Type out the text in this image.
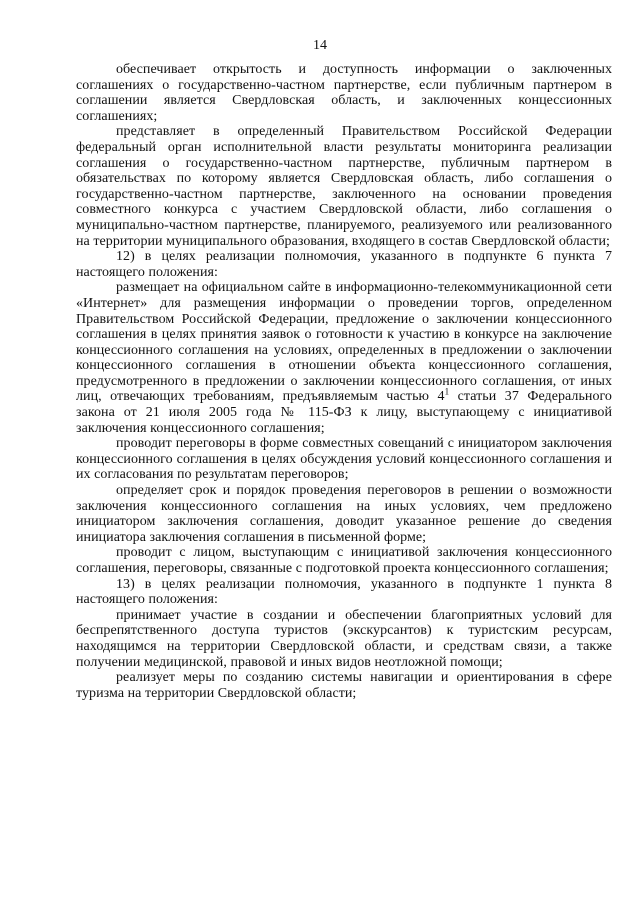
14

обеспечивает открытость и доступность информации о заключенных соглашениях о государственно-частном партнерстве, если публичным партнером в соглашении является Свердловская область, и заключенных концессионных соглашениях;

представляет в определенный Правительством Российской Федерации федеральный орган исполнительной власти результаты мониторинга реализации соглашения о государственно-частном партнерстве, публичным партнером в обязательствах по которому является Свердловская область, либо соглашения о государственно-частном партнерстве, заключенного на основании проведения совместного конкурса с участием Свердловской области, либо соглашения о муниципально-частном партнерстве, планируемого, реализуемого или реализованного на территории муниципального образования, входящего в состав Свердловской области;

12) в целях реализации полномочия, указанного в подпункте 6 пункта 7 настоящего положения:

размещает на официальном сайте в информационно-телекоммуникационной сети «Интернет» для размещения информации о проведении торгов, определенном Правительством Российской Федерации, предложение о заключении концессионного соглашения в целях принятия заявок о готовности к участию в конкурсе на заключение концессионного соглашения на условиях, определенных в предложении о заключении концессионного соглашения в отношении объекта концессионного соглашения, предусмотренного в предложении о заключении концессионного соглашения, от иных лиц, отвечающих требованиям, предъявляемым частью $4^1$ статьи 37 Федерального закона от 21 июля 2005 года № 115-ФЗ к лицу, выступающему с инициативой заключения концессионного соглашения;

проводит переговоры в форме совместных совещаний с инициатором заключения концессионного соглашения в целях обсуждения условий концессионного соглашения и их согласования по результатам переговоров;

определяет срок и порядок проведения переговоров в решении о возможности заключения концессионного соглашения на иных условиях, чем предложено инициатором заключения соглашения, доводит указанное решение до сведения инициатора заключения соглашения в письменной форме;

проводит с лицом, выступающим с инициативой заключения концессионного соглашения, переговоры, связанные с подготовкой проекта концессионного соглашения;

13) в целях реализации полномочия, указанного в подпункте 1 пункта 8 настоящего положения:

принимает участие в создании и обеспечении благоприятных условий для беспрепятственного доступа туристов (экскурсантов) к туристским ресурсам, находящимся на территории Свердловской области, и средствам связи, а также получении медицинской, правовой и иных видов неотложной помощи;

реализует меры по созданию системы навигации и ориентирования в сфере туризма на территории Свердловской области;
